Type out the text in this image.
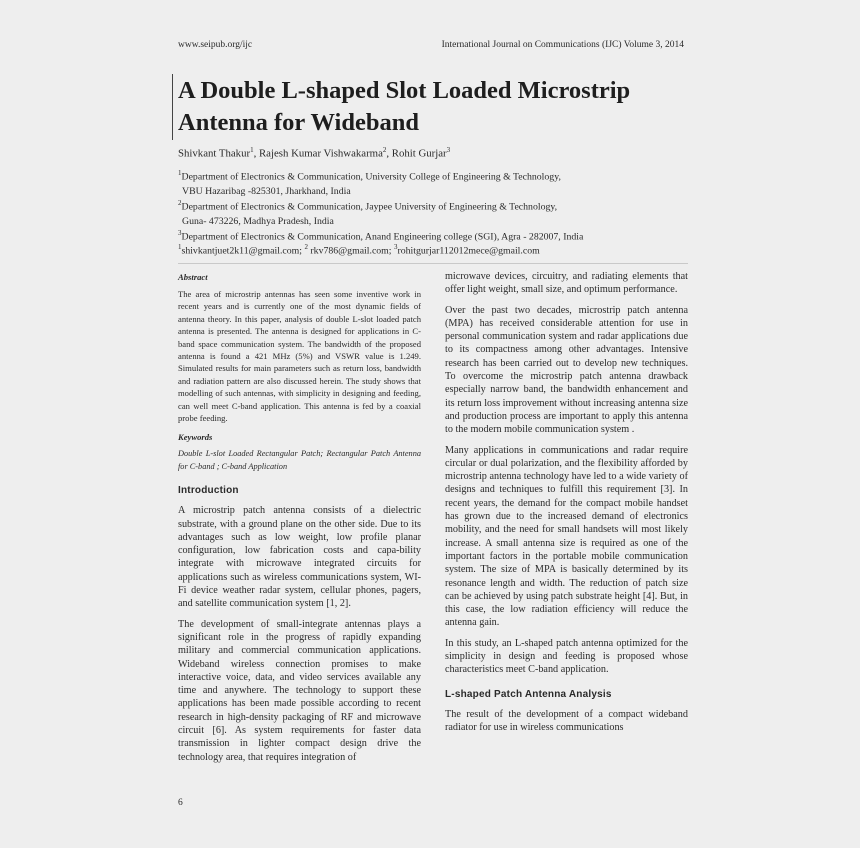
www.seipub.org/ijc	International Journal on Communications (IJC) Volume 3, 2014
A Double L-shaped Slot Loaded Microstrip Antenna for Wideband
Shivkant Thakur$^1$, Rajesh Kumar Vishwakarma$^2$, Rohit Gurjar$^3$
$^1$Department of Electronics & Communication, University College of Engineering & Technology,
VBU Hazaribag -825301, Jharkhand, India
$^2$Department of Electronics & Communication, Jaypee University of Engineering & Technology,
Guna- 473226, Madhya Pradesh, India
$^3$Department of Electronics & Communication, Anand Engineering college (SGI), Agra - 282007, India
$^1$shivkantjuet2k11@gmail.com; $^2$ rkv786@gmail.com; $^3$rohitgurjar112012mece@gmail.com
Abstract
The area of microstrip antennas has seen some inventive work in recent years and is currently one of the most dynamic fields of antenna theory. In this paper, analysis of double L-slot loaded patch antenna is presented. The antenna is designed for applications in C-band space communication system. The bandwidth of the proposed antenna is found a 421 MHz (5%) and VSWR value is 1.249. Simulated results for main parameters such as return loss, bandwidth and radiation pattern are also discussed herein. The study shows that modelling of such antennas, with simplicity in designing and feeding, can well meet C-band application. This antenna is fed by a coaxial probe feeding.
Keywords
Double L-slot Loaded Rectangular Patch; Rectangular Patch Antenna for C-band ; C-band Application
Introduction
A microstrip patch antenna consists of a dielectric substrate, with a ground plane on the other side. Due to its advantages such as low weight, low profile planar configuration, low fabrication costs and capa-bility integrate with microwave integrated circuits for applications such as wireless communications system, WI-Fi device weather radar system, cellular phones, pagers, and satellite communication system [1, 2].
The development of small-integrate antennas plays a significant role in the progress of rapidly expanding military and commercial communication applications. Wideband wireless connection promises to make interactive voice, data, and video services available any time and anywhere. The technology to support these applications has been made possible according to recent research in high-density packaging of RF and microwave circuit [6]. As system requirements for faster data transmission in lighter compact design drive the technology area, that requires integration of
microwave devices, circuitry, and radiating elements that offer light weight, small size, and optimum performance.
Over the past two decades, microstrip patch antenna (MPA) has received considerable attention for use in personal communication system and radar applications due to its compactness among other advantages. Intensive research has been carried out to develop new techniques. To overcome the microstrip patch antenna drawback especially narrow band, the bandwidth enhancement and its return loss improvement without increasing antenna size and production process are important to apply this antenna to the modern mobile communication system .
Many applications in communications and radar require circular or dual polarization, and the flexibility afforded by microstrip antenna technology have led to a wide variety of designs and techniques to fulfill this requirement [3]. In recent years, the demand for the compact mobile handset has grown due to the increased demand of electronics mobility, and the need for small handsets will most likely increase. A small antenna size is required as one of the important factors in the portable mobile communication system. The size of MPA is basically determined by its resonance length and width. The reduction of patch size can be achieved by using patch substrate height [4]. But, in this case, the low radiation efficiency will reduce the antenna gain.
In this study, an L-shaped patch antenna optimized for the simplicity in design and feeding is proposed whose characteristics meet C-band application.
L-shaped Patch Antenna Analysis
The result of the development of a compact wideband radiator for use in wireless communications
6
